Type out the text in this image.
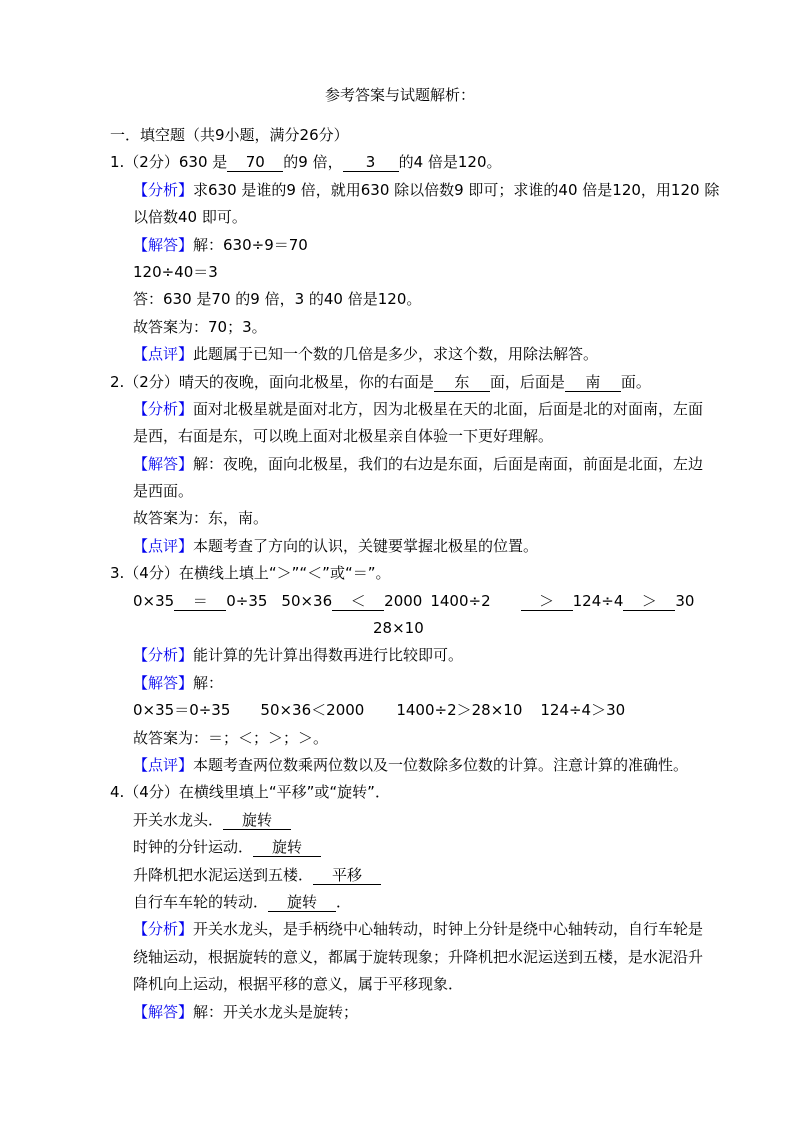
参考答案与试题解析：
一．填空题（共9小题，满分26分）
1.（2分）630 是 70 的9 倍， 3 的4 倍是120。
【分析】求630 是谁的9 倍，就用630 除以倍数9 即可；求谁的40 倍是120，用120 除
以倍数40 即可。
【解答】解：630÷9＝70
120÷40＝3
答：630 是70 的9 倍，3 的40 倍是120。
故答案为：70；3。
【点评】此题属于已知一个数的几倍是多少，求这个数，用除法解答。
2.（2分）晴天的夜晚，面向北极星，你的右面是 东 面，后面是 南 面。
【分析】面对北极星就是面对北方，因为北极星在天的北面，后面是北的对面南，左面
是西，右面是东，可以晚上面对北极星亲自体验一下更好理解。
【解答】解：夜晚，面向北极星，我们的右边是东面，后面是南面，前面是北面，左边
是西面。
故答案为：东，南。
【点评】本题考查了方向的认识，关键要掌握北极星的位置。
3.（4分）在横线上填上“＞”“＜”或“＝”。
0×35 ＝ 0÷35 50×36 ＜ 2000 1400÷2	＞ 124÷4 ＞ 30
28×10
【分析】能计算的先计算出得数再进行比较即可。
【解答】解：
0×35＝0÷35 50×36＜2000 1400÷2＞28×10 124÷4＞30
故答案为：＝；＜；＞；＞。
【点评】本题考查两位数乘两位数以及一位数除多位数的计算。注意计算的准确性。
4.（4分）在横线里填上“平移”或“旋转”．
开关水龙头． 旋转
时钟的分针运动． 旋转
升降机把水泥运送到五楼． 平移
自行车车轮的转动． 旋转 ．
【分析】开关水龙头，是手柄绕中心轴转动，时钟上分针是绕中心轴转动，自行车轮是
绕轴运动，根据旋转的意义，都属于旋转现象；升降机把水泥运送到五楼，是水泥沿升
降机向上运动，根据平移的意义，属于平移现象．
【解答】解：开关水龙头是旋转；
